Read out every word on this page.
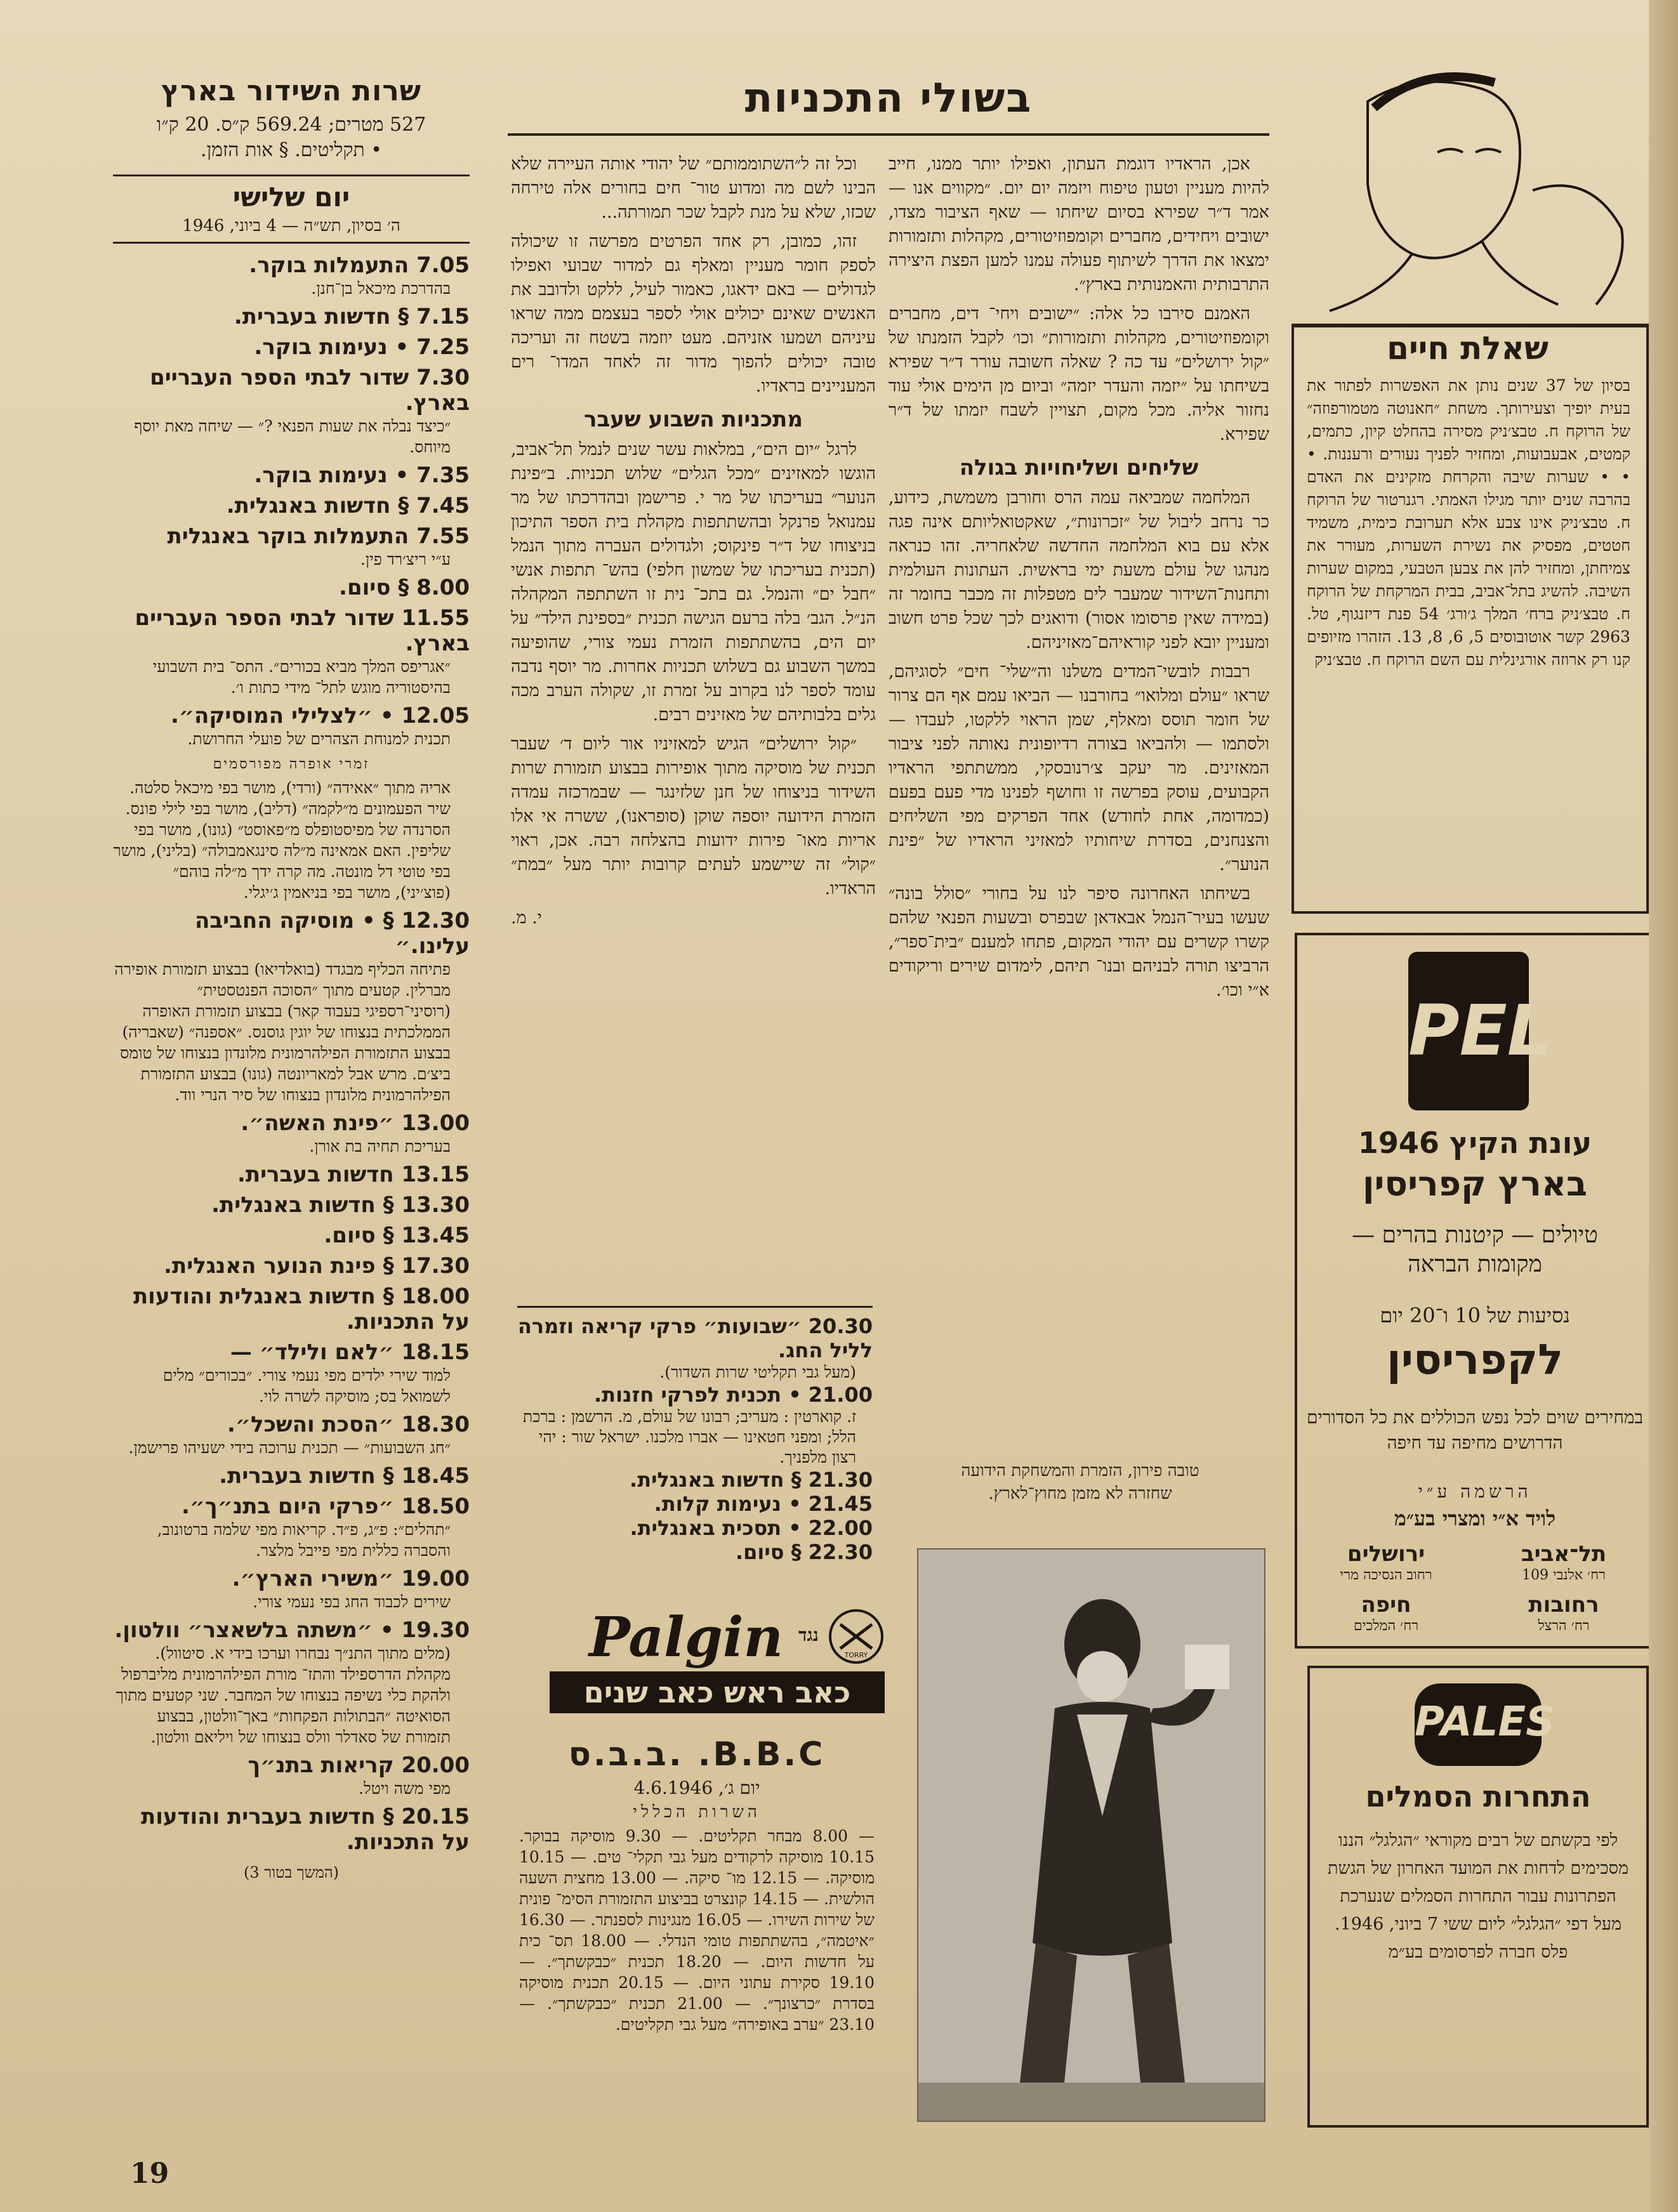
שרות השידור בארץ
527 מטרים; 569.24 ק״ס. 20 ק״ו
• תקליטים. § אות הזמן.
יום שלישי
ה׳ בסיון, תש״ה — 4 ביוני, 1946
7.05 התעמלות בוקר.
בהדרכת מיכאל בן־חנן.
7.15 § חדשות בעברית.
7.25 • נעימות בוקר.
7.30 שדור לבתי הספר העבריים בארץ.
״כיצד נבלה את שעות הפנאי ?״ — שיחה מאת יוסף מיוחס.
7.35 • נעימות בוקר.
7.45 § חדשות באנגלית.
7.55 התעמלות בוקר באנגלית
ע״י ריצ׳רד פין.
8.00 § סיום.
11.55 שדור לבתי הספר העבריים בארץ.
״אגריפס המלך מביא בכורים״. התס־ בית השבועי בהיסטוריה מוגש לתל־ מידי כתות ו׳.
12.05 • ״לצלילי המוסיקה״.
תכנית למנוחת הצהרים של פועלי החרושת.
זמרי אופרה מפורסמים
אריה מתוך ״אאידה״ (ורדי), מושר בפי מיכאל סלטה. שיר הפעמונים מ״לקמה״ (דליב), מושר בפי לילי פונס. הסרנדה של מפיסטופלס מ״פאוסט״ (גונו), מושר בפי שליפין. האם אמאינה מ״לה סינגאמבולה״ (בליני), מושר בפי טוטי דל מונטה. מה קרה ידך מ״לה בוהם״ (פוצ׳יני), מושר בפי בניאמין ג׳יגלי.
12.30 § • מוסיקה החביבה עלינו.״
פתיחה הכליף מבגדד (בואלדיאו) בבצוע תזמורת אופירה מברלין. קטעים מתוך ״הסוכה הפנטסטית״ (רוסיני־רספיגי בעבוד קאר) בבצוע תזמורת האופרה הממלכתית בנצוחו של יוגין גוסנס. ״אספנה״ (שאבריה) בבצוע התזמורת הפילהרמונית מלונדון בנצוחו של טומס ביצ׳ם. מרש אבל למאריונטה (גונו) בבצוע התזמורת הפילהרמונית מלונדון בנצוחו של סיר הנרי ווד.
13.00 ״פינת האשה״.
בעריכת תחיה בת אורן.
13.15 חדשות בעברית.
13.30 § חדשות באנגלית.
13.45 § סיום.
17.30 § פינת הנוער האנגלית.
18.00 § חדשות באנגלית והודעות על התכניות.
18.15 ״לאם ולילד״ —
למוד שירי ילדים מפי נעמי צורי. ״בכורים״ מלים לשמואל בס; מוסיקה לשרה לוי.
18.30 ״הסכת והשכל״.
״חג השבועות״ — תכנית ערוכה בידי ישעיהו פרישמן.
18.45 § חדשות בעברית.
18.50 ״פרקי היום בתנ״ך״.
״תהלים״: פ״ג, פ״ד. קריאות מפי שלמה ברטונוב, והסברה כללית מפי פייבל מלצר.
19.00 ״משירי הארץ״.
שירים לכבוד החג בפי נעמי צורי.
19.30 • ״משתה בלשאצר״ וולטון.
(מלים מתוך התנ״ך נבחרו וערכו בידי א. סיטוול). מקהלת הדרספילד והתז־ מורת הפילהרמונית מליברפול ולהקת כלי נשיפה בנצוחו של המחבר. שני קטעים מתוך הסואיטה ״הבתולות הפקחות״ באך־וולטון, בבצוע תזמורת של סאדלר וולס בנצוחו של ויליאם וולטון.
20.00 קריאות בתנ״ך
מפי משה ויטל.
20.15 § חדשות בעברית והודעות על התכניות.
(המשך בטור 3)
בשולי התכניות

אכן, הראדיו דוגמת העתון, ואפילו יותר ממנו, חייב להיות מעניין וטעון טיפוח ויזמה יום יום. ״מקווים אנו — אמר ד״ר שפירא בסיום שיחתו — שאף הציבור מצדו, ישובים ויחידים, מחברים וקומפוזיטורים, מקהלות ותזמורות ימצאו את הדרך לשיתוף פעולה עמנו למען הפצת היצירה התרבותית והאמנותית בארץ״.

האמנם סירבו כל אלה: ״ישובים ויחי־ דים, מחברים וקומפוזיטורים, מקהלות ותזמורות״ וכו׳ לקבל הזמנתו של ״קול ירושלים״ עד כה ? שאלה חשובה עורר ד״ר שפירא בשיחתו על ״יזמה והעדר יזמה״ וביום מן הימים אולי עוד נחזור אליה. מכל מקום, תצויין לשבח יזמתו של ד״ר שפירא.

שליחים ושליחויות בגולה

המלחמה שמביאה עמה הרס וחורבן משמשת, כידוע, כר נרחב ליבול של ״זכרונות״, שאקטואליותם אינה פגה אלא עם בוא המלחמה החדשה שלאחריה. זהו כנראה מנהגו של עולם משעת ימי בראשית. העתונות העולמית ותחנות־השידור שמעבר לים מטפלות זה מכבר בחומר זה (במידה שאין פרסומו אסור) ודואגים לכך שכל פרט חשוב ומעניין יובא לפני קוראיהם־מאזיניהם.

רבבות לובשי־המדים משלנו וה״שלי־ חים״ לסוגיהם, שראו ״עולם ומלואו״ בחורבנו — הביאו עמם אף הם צרור של חומר תוסס ומאלף, שמן הראוי ללקטו, לעבדו — ולסתמו — ולהביאו בצורה רדיופונית נאותה לפני ציבור המאזינים. מר יעקב צ׳רנובסקי, ממשתתפי הראדיו הקבועים, עוסק בפרשה זו וחושף לפנינו מדי פעם בפעם (כמדומה, אחת לחודש) אחד הפרקים מפי השליחים והצנחנים, בסדרת שיחותיו למאזיני הראדיו של ״פינת הנוער״.

בשיחתו האחרונה סיפר לנו על בחורי ״סולל בונה״ שעשו בעיר־הנמל אבאדאן שבפרס ובשעות הפנאי שלהם קשרו קשרים עם יהודי המקום, פתחו למענם ״בית־ספר״, הרביצו תורה לבניהם ובנו־ תיהם, לימדום שירים וריקודים א״י וכו׳.

וכל זה ל״השתוממותם״ של יהודי אותה העיירה שלא הבינו לשם מה ומדוע טור־ חים בחורים אלה טירחה שכזו, שלא על מנת לקבל שכר תמורתה...

זהו, כמובן, רק אחד הפרטים מפרשה זו שיכולה לספק חומר מעניין ומאלף גם למדור שבועי ואפילו לגדולים — באם ידאגו, כאמור לעיל, ללקט ולדובב את האנשים שאינם יכולים אולי לספר בעצמם ממה שראו עיניהם ושמעו אזניהם. מעט יוזמה בשטח זה ועריכה טובה יכולים להפוך מדור זה לאחד המדו־ רים המעניינים בראדיו.

מתכניות השבוע שעבר

לרגל ״יום הים״, במלאות עשר שנים לנמל תל־אביב, הוגשו למאזינים ״מכל הגלים״ שלוש תכניות. ב״פינת הנוער״ בעריכתו של מר י. פרישמן ובהדרכתו של מר עמנואל פרנקל ובהשתתפות מקהלת בית הספר התיכון בניצוחו של ד״ר פינקוס; ולגדולים העברה מתוך הנמל (תכנית בעריכתו של שמשון חלפי) בהש־ תתפות אנשי ״חבל ים״ והנמל. גם בתכ־ נית זו השתתפה המקהלה הנ״ל. הגב׳ בלה ברעם הגישה תכנית ״בספינת הילד״ על יום הים, בהשתתפות הזמרת נעמי צורי, שהופיעה במשך השבוע גם בשלוש תכניות אחרות. מר יוסף נדבה עומד לספר לנו בקרוב על זמרת זו, שקולה הערב מכה גלים בלבותיהם של מאזינים רבים.

״קול ירושלים״ הגיש למאזיניו אור ליום ד׳ שעבר תכנית של מוסיקה מתוך אופירות בבצוע תזמורת שרות השידור בניצוחו של חנן שלזינגר — שבמרכזה עמדה הזמרת הידועה יוספה שוקן (סופראנו), ששרה אי אלו אריות מאו־ פירות ידועות בהצלחה רבה. אכן, ראוי ״קול״ זה שיישמע לעתים קרובות יותר מעל ״במת״ הראדיו.

י. מ.
20.30 ״שבועות״ פרקי קריאה וזמרה לליל החג.
(מעל גבי תקליטי שרות השדור).
21.00 • תכנית לפרקי חזנות.
ז. קוארטין : מעריב; רבונו של עולם, מ. הרשמן : ברכת הלל; ומפני חטאינו — אברו מלכנו. ישראל שור : יהי רצון מלפניך.
21.30 § חדשות באנגלית.
21.45 • נעימות קלות.
22.00 • תסכית באנגלית.
22.30 § סיום.
Palgin נגד
TORRY
כאב ראש כאב שנים
B.B.C. .ב.ב.ס
יום ג׳, 4.6.1946
השרות הכללי
— 8.00 מבחר תקליטים. — 9.30 מוסיקה בבוקר. 10.15 מוסיקה לרקודים מעל גבי תקלי־ טים. — 10.15 מוסיקה. — 12.15 מו־ סיקה. — 13.00 מחצית השעה הולשית. — 14.15 קונצרט בביצוע התזמורת הסימ־ פונית של שירות השירו. — 16.05 מנגינות לספנתר. — 16.30 ״איטמה״, בהשתתפות טומי הנדלי. — 18.00 תס־ כית על חדשות היום. — 18.20 תכנית ״כבקשתך״. — 19.10 סקירת עתוני היום. — 20.15 תכנית מוסיקה בסדרת ״כרצונך״. — 21.00 תכנית ״כבקשתך״. — 23.10 ״ערב באופירה״ מעל גבי תקליטים.
טובה פירון, הזמרת והמשחקת הידועה
שחזרה לא מזמן מחוץ־לארץ.
שאלת חיים
בסיון של 37 שנים נותן את האפשרות לפתור את בעית יופיך וצעירותך. משחת ״חאנוטה מטמורפוזה״ של הרוקח ח. טבצ׳ניק מסירה בהחלט קיון, כתמים, קמטים, אבעבועות, ומחזיר לפניך נעורים ורעננות. • • • שערות שיבה והקרחת מזקינים את האדם בהרבה שנים יותר מגילו האמתי. רגנרטור של הרוקח ח. טבצ׳ניק אינו צבע אלא תערובת כימית, משמיד חטטים, מפסיק את נשירת השערות, מעורר את צמיחתן, ומחזיר להן את צבען הטבעי, במקום שערות השיבה. להשיג בתל־אביב, בבית המרקחת של הרוקח ח. טבצ׳ניק ברח׳ המלך ג׳ורג׳ 54 פנת דיזנגוף, טל. 2963 קשר אוטובוסים 5, 6, 8, 13. הזהרו מזיופים קנו רק ארוזה אורגינלית עם השם הרוקח ח. טבצ׳ניק
PEL
עונת הקיץ 1946
בארץ קפריסין
טיולים — קיטנות בהרים —
מקומות הבראה
נסיעות של 10 ו־20 יום
לקפריסין
במחירים שוים לכל נפש הכוללים את כל הסדורים הדרושים מחיפה עד חיפה
הרשמה ע״י
לויד א״י ומצרי בע״מ
תל־אביב
רח׳ אלנבי 109
ירושלים
רחוב הנסיכה מרי
רחובות
רח׳ הרצל
חיפה
רח׳ המלכים
PALES
התחרות הסמלים
לפי בקשתם של רבים מקוראי ״הגלגל״ הננו מסכימים לדחות את המועד האחרון של הגשת הפתרונות עבור התחרות הסמלים שנערכת מעל דפי ״הגלגל״ ליום ששי 7 ביוני, 1946. פלס חברה לפרסומים בע״מ
19
